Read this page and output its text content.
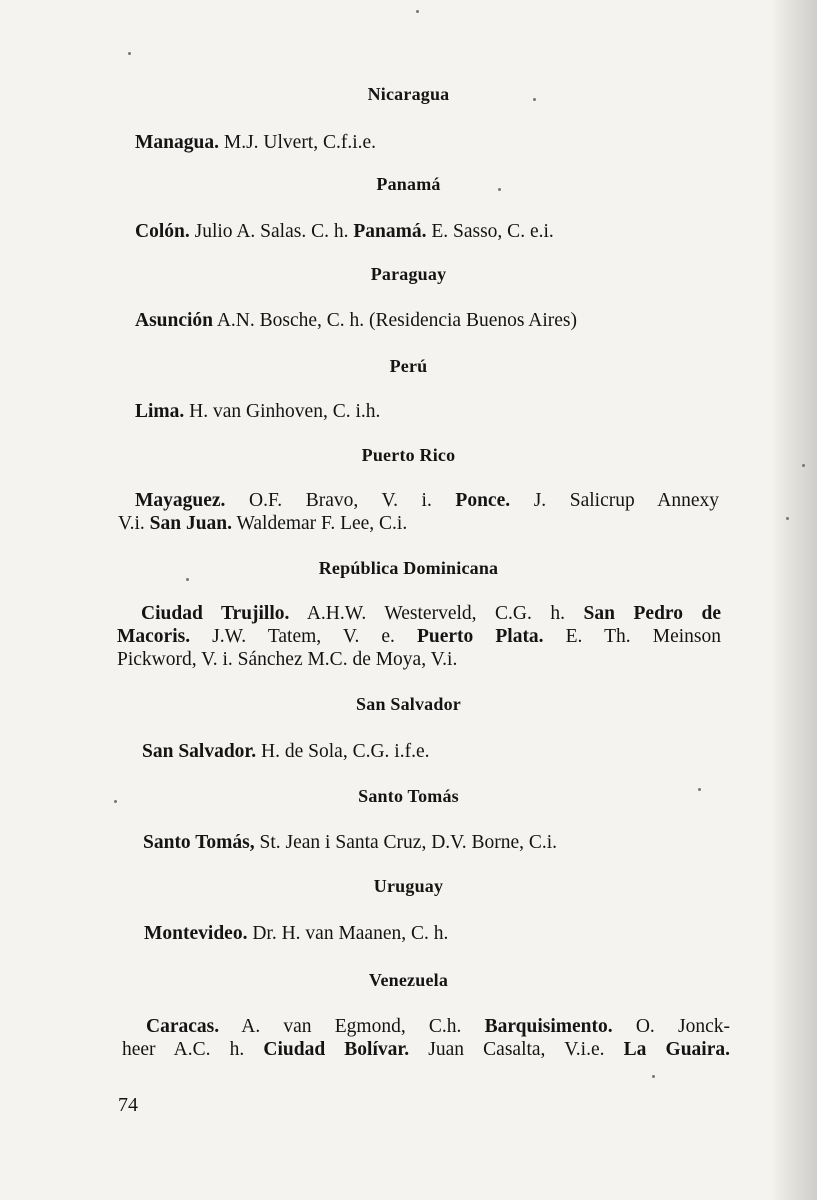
Nicaragua
Managua. M.J. Ulvert, C.f.i.e.
Panamá
Colón. Julio A. Salas. C. h. Panamá. E. Sasso, C. e.i.
Paraguay
Asunción A.N. Bosche, C. h. (Residencia Buenos Aires)
Perú
Lima. H. van Ginhoven, C. i.h.
Puerto Rico
Mayaguez. O.F. Bravo, V. i. Ponce. J. Salicrup Annexy
V.i. San Juan. Waldemar F. Lee, C.i.
República Dominicana
Ciudad Trujillo. A.H.W. Westerveld, C.G. h. San Pedro de
Macoris. J.W. Tatem, V. e. Puerto Plata. E. Th. Meinson
Pickword, V. i. Sánchez M.C. de Moya, V.i.
San Salvador
San Salvador. H. de Sola, C.G. i.f.e.
Santo Tomás
Santo Tomás, St. Jean i Santa Cruz, D.V. Borne, C.i.
Uruguay
Montevideo. Dr. H. van Maanen, C. h.
Venezuela
Caracas. A. van Egmond, C.h. Barquisimento. O. Jonck-
heer A.C. h. Ciudad Bolívar. Juan Casalta, V.i.e. La Guaira.
74
